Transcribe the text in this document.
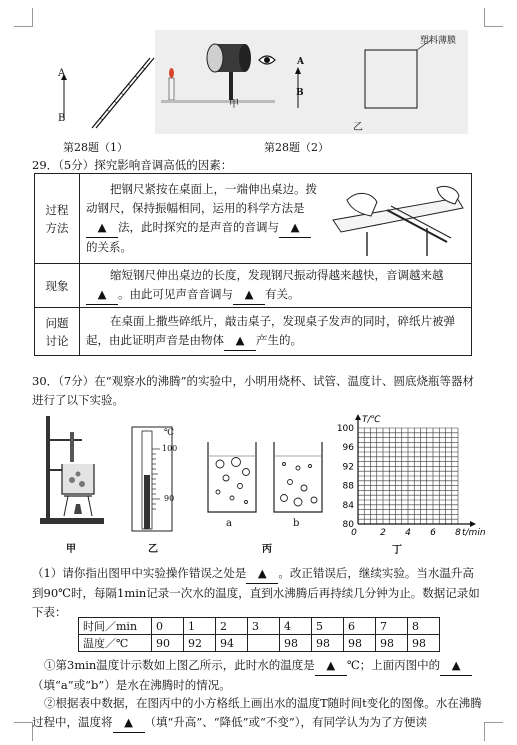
A
B
甲
B
A
乙
塑料薄膜
第28题（1）	第28题（2）
29．（5分）探究影响音调高低的因素：
过程方法	把钢尺紧按在桌面上，一端伸出桌边。拨动钢尺，保持振幅相同，运用的科学方法是▲ 法，此时探究的是声音的音调与 ▲的关系。

现象	缩短钢尺伸出桌边的长度，发现钢尺振动得越来越快，音调越来越▲ 。由此可见声音音调与 ▲ 有关。
问题讨论	在桌面上撒些碎纸片，敲击桌子，发现桌子发声的同时，碎纸片被弹起，由此证明声音是由物体 ▲ 产生的。
30．（7分）在“观察水的沸腾”的实验中，小明用烧杯、试管、温度计、圆底烧瓶等器材进行了以下实验。
甲
℃
100
90
乙
a	b
丙
80
84
88
92
96
100
0	2 4 6 8
T/℃
t/min
丁
（1）请你指出图甲中实验操作错误之处是 ▲ 。改正错误后，继续实验。当水温升高到90℃时，每隔1min记录一次水的温度，直到水沸腾后再持续几分钟为止。数据记录如下表：
时间／min	0	1	2	3	4	5	6	7	8
温度／℃	90	92	94		98	98	98	98	98
①第3min温度计示数如上图乙所示，此时水的温度是 ▲ ℃；上面丙图中的 ▲（填“a”或“b”）是水在沸腾时的情况。
②根据表中数据，在图丙中的小方格纸上画出水的温度T随时间t变化的图像。水在沸腾过程中，温度将 ▲ （填“升高”、“降低”或“不变”），有同学认为为了方便读
